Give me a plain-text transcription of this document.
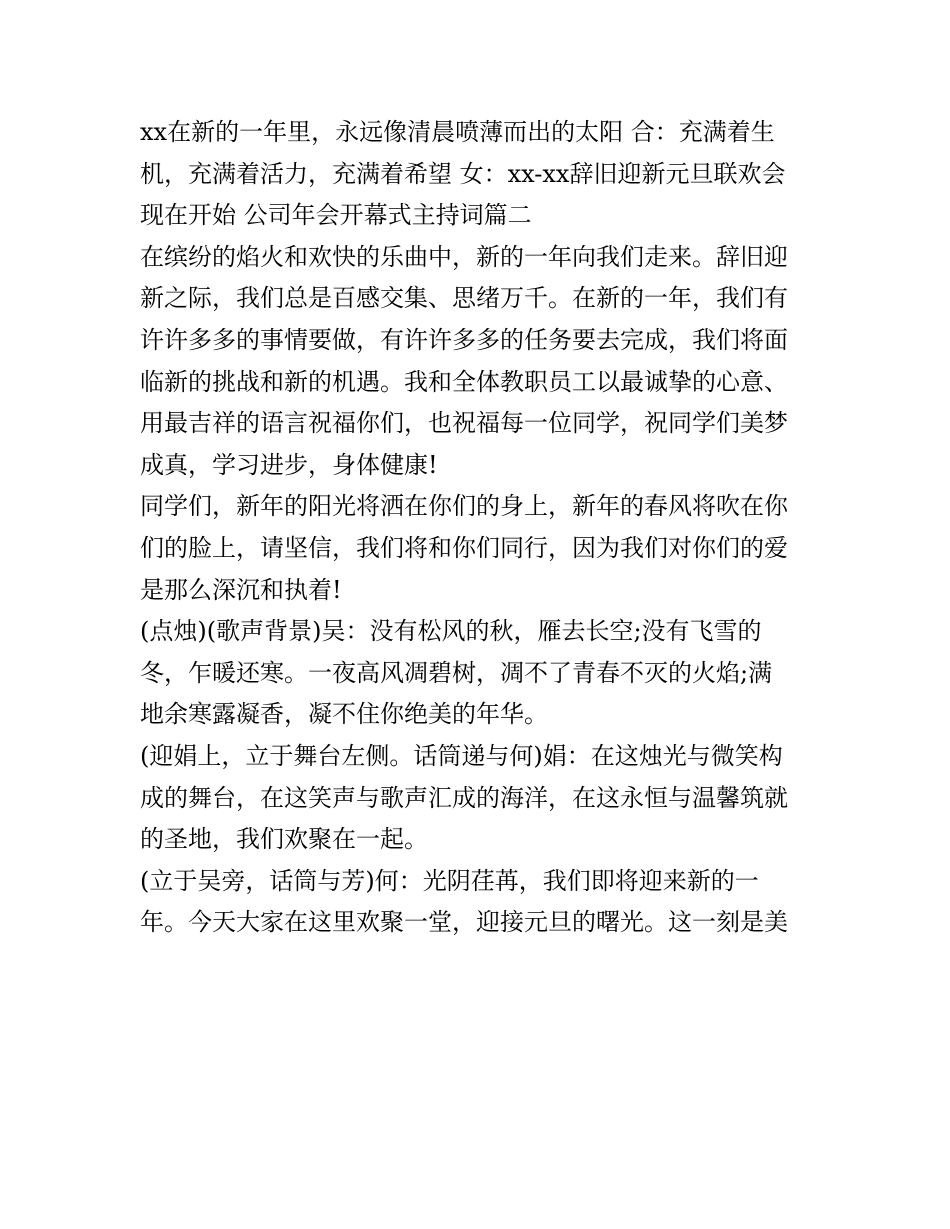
xx在新的一年里，永远像清晨喷薄而出的太阳 合：充满着生
机，充满着活力，充满着希望 女：xx-xx辞旧迎新元旦联欢会
现在开始 公司年会开幕式主持词篇二
在缤纷的焰火和欢快的乐曲中，新的一年向我们走来。辞旧迎
新之际，我们总是百感交集、思绪万千。在新的一年，我们有
许许多多的事情要做，有许许多多的任务要去完成，我们将面
临新的挑战和新的机遇。我和全体教职员工以最诚挚的心意、
用最吉祥的语言祝福你们，也祝福每一位同学，祝同学们美梦
成真，学习进步，身体健康!
同学们，新年的阳光将洒在你们的身上，新年的春风将吹在你
们的脸上，请坚信，我们将和你们同行，因为我们对你们的爱
是那么深沉和执着!
(点烛)(歌声背景)吴：没有松风的秋，雁去长空;没有飞雪的
冬，乍暖还寒。一夜高风凋碧树，凋不了青春不灭的火焰;满
地余寒露凝香，凝不住你绝美的年华。
(迎娟上，立于舞台左侧。话筒递与何)娟：在这烛光与微笑构
成的舞台，在这笑声与歌声汇成的海洋，在这永恒与温馨筑就
的圣地，我们欢聚在一起。
(立于吴旁，话筒与芳)何：光阴荏苒，我们即将迎来新的一
年。今天大家在这里欢聚一堂，迎接元旦的曙光。这一刻是美
